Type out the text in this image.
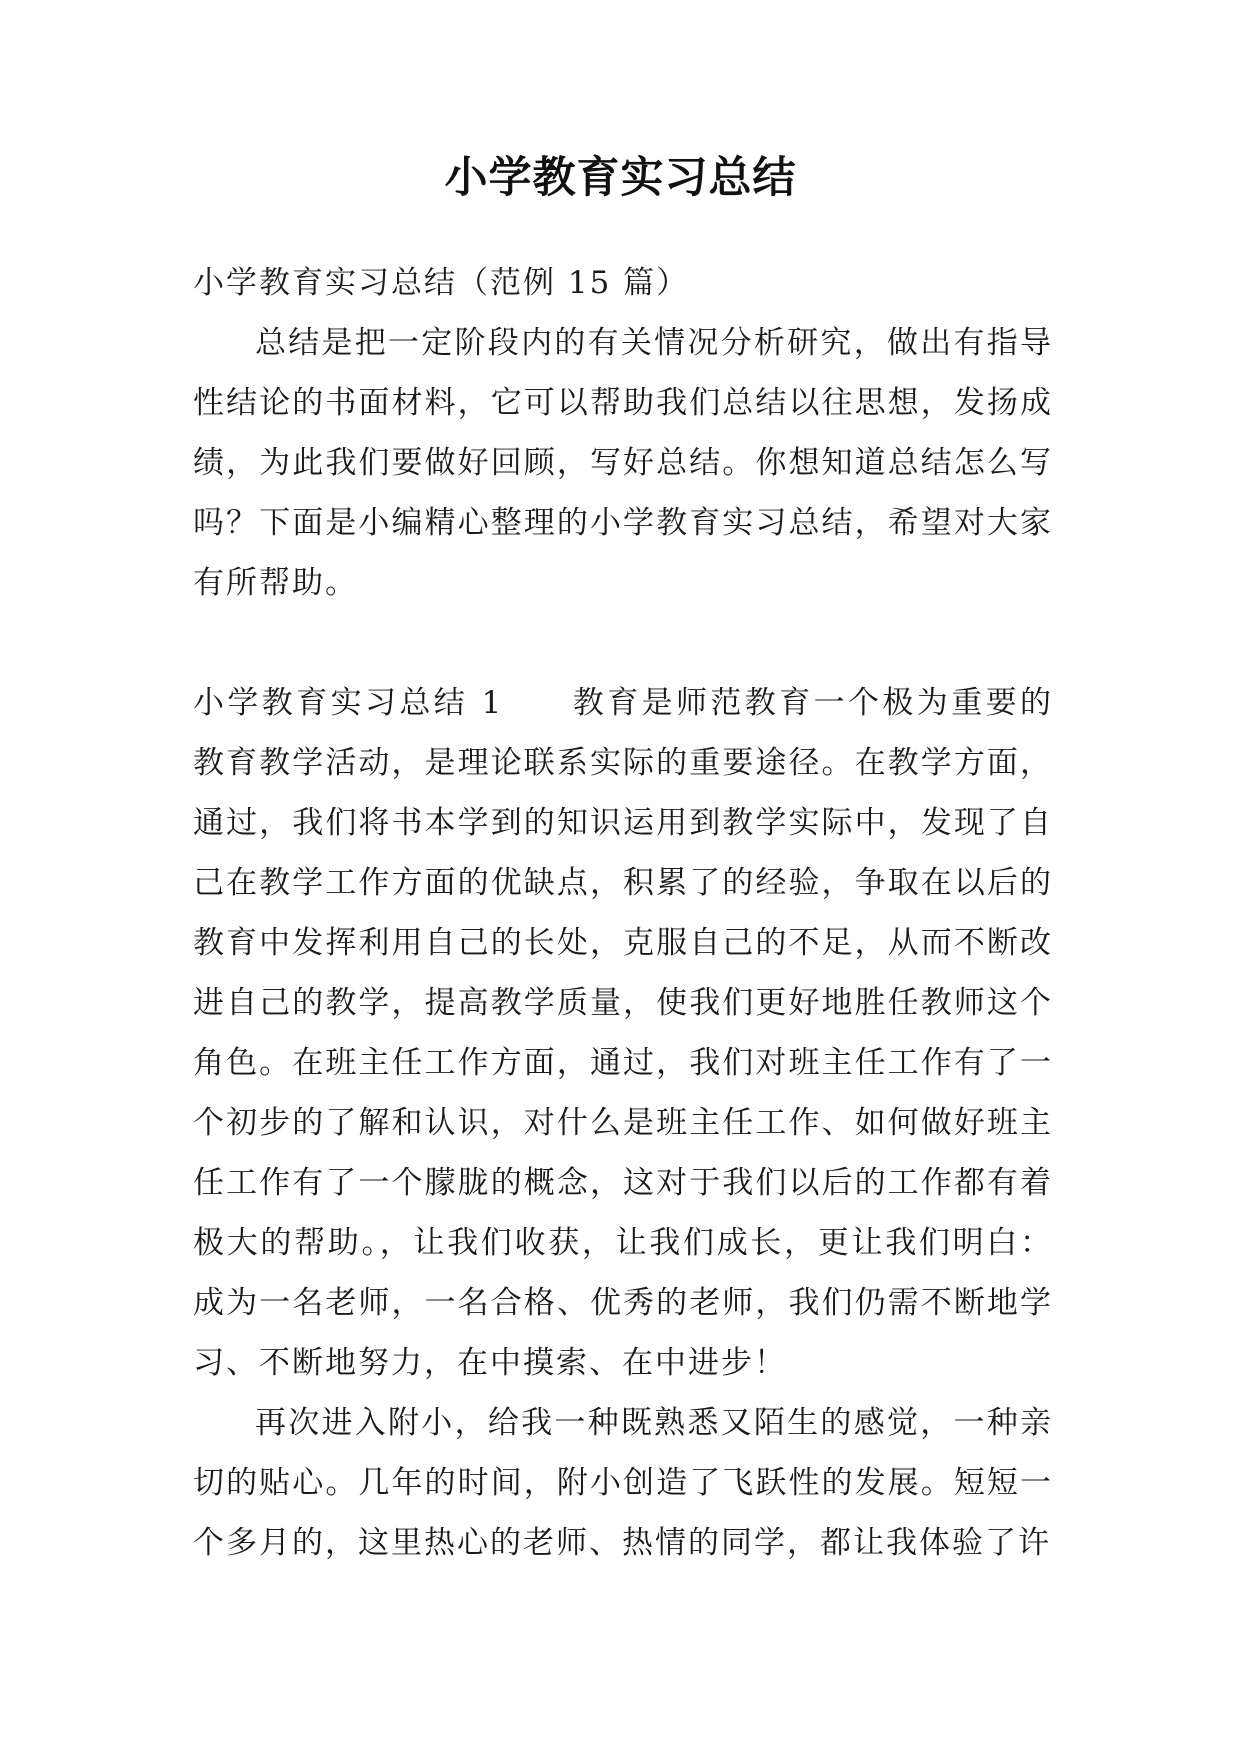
小学教育实习总结

小学教育实习总结（范例 15 篇）

总结是把一定阶段内的有关情况分析研究，做出有指导性结论的书面材料，它可以帮助我们总结以往思想，发扬成绩，为此我们要做好回顾，写好总结。你想知道总结怎么写吗？下面是小编精心整理的小学教育实习总结，希望对大家有所帮助。

小学教育实习总结 1 教育是师范教育一个极为重要的教育教学活动，是理论联系实际的重要途径。在教学方面，通过，我们将书本学到的知识运用到教学实际中，发现了自己在教学工作方面的优缺点，积累了的经验，争取在以后的教育中发挥利用自己的长处，克服自己的不足，从而不断改进自己的教学，提高教学质量，使我们更好地胜任教师这个角色。在班主任工作方面，通过，我们对班主任工作有了一个初步的了解和认识，对什么是班主任工作、如何做好班主任工作有了一个朦胧的概念，这对于我们以后的工作都有着极大的帮助。，让我们收获，让我们成长，更让我们明白：成为一名老师，一名合格、优秀的老师，我们仍需不断地学习、不断地努力，在中摸索、在中进步！

再次进入附小，给我一种既熟悉又陌生的感觉，一种亲切的贴心。几年的时间，附小创造了飞跃性的发展。短短一个多月的，这里热心的老师、热情的同学，都让我体验了许
